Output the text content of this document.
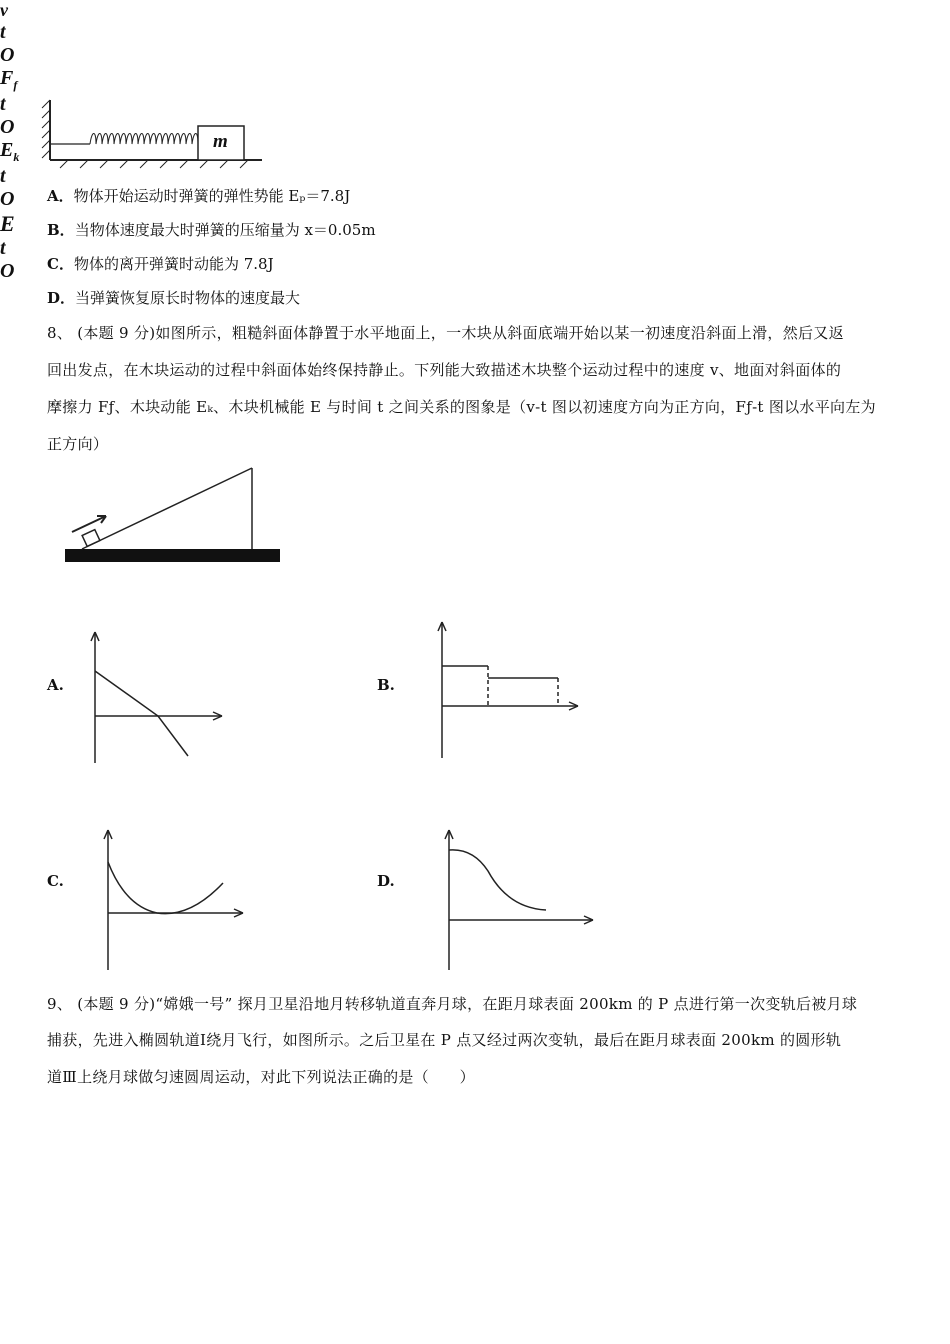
m
A．物体开始运动时弹簧的弹性势能 Eₚ＝7.8J
B．当物体速度最大时弹簧的压缩量为 x＝0.05m
C．物体的离开弹簧时动能为 7.8J
D．当弹簧恢复原长时物体的速度最大
8、 (本题 9 分)如图所示，粗糙斜面体静置于水平地面上，一木块从斜面底端开始以某一初速度沿斜面上滑，然后又返
回出发点，在木块运动的过程中斜面体始终保持静止。下列能大致描述木块整个运动过程中的速度 v、地面对斜面体的
摩擦力 Fƒ、木块动能 Eₖ、木块机械能 E 与时间 t 之间关系的图象是（v-t 图以初速度方向为正方向，Fƒ-t 图以水平向左为
正方向）
A.
v
t
O
B.
$F_f$
t
O
C.
$E_k$
t
O
D.
E
t
O
9、 (本题 9 分)“嫦娥一号” 探月卫星沿地月转移轨道直奔月球，在距月球表面 200km 的 P 点进行第一次变轨后被月球
捕获，先进入椭圆轨道Ⅰ绕月飞行，如图所示。之后卫星在 P 点又经过两次变轨，最后在距月球表面 200km 的圆形轨
道Ⅲ上绕月球做匀速圆周运动，对此下列说法正确的是（　　）
